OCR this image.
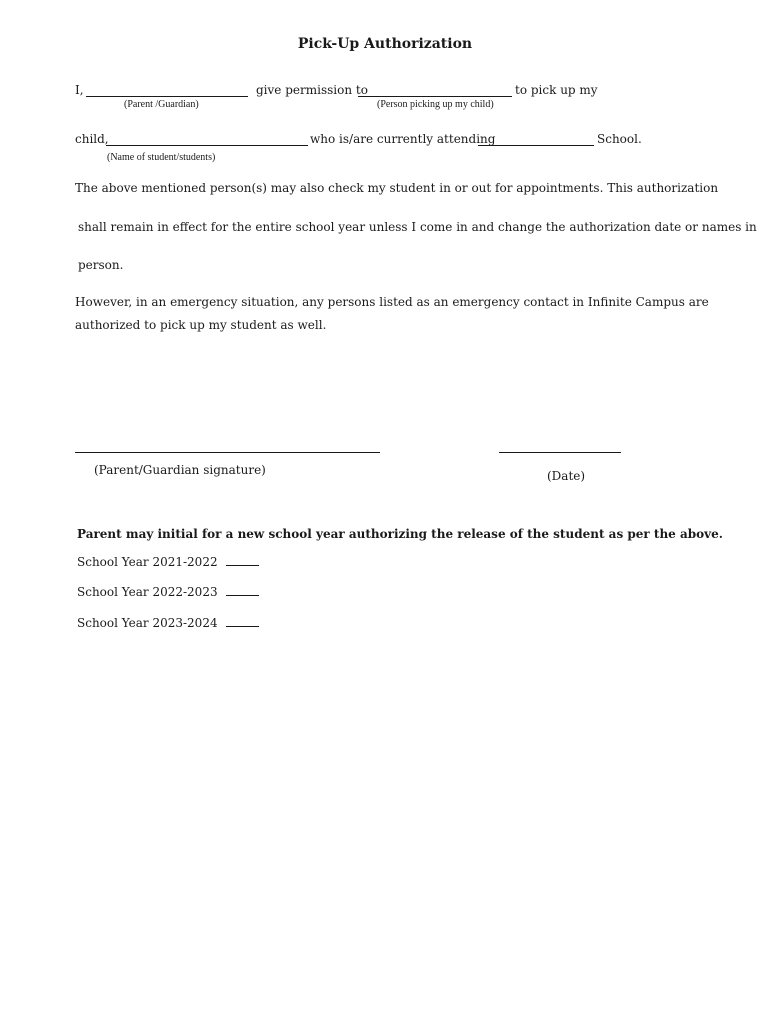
Pick-Up Authorization
I,	give permission to	to pick up my
(Parent /Guardian)	(Person picking up my child)
child,	who is/are currently attending	School.
(Name of student/students)
The above mentioned person(s) may also check my student in or out for appointments. This authorization
shall remain in effect for the entire school year unless I come in and change the authorization date or names in
person.
However, in an emergency situation, any persons listed as an emergency contact in Infinite Campus are
authorized to pick up my student as well.
(Parent/Guardian signature)	(Date)
Parent may initial for a new school year authorizing the release of the student as per the above.
School Year 2021-2022
School Year 2022-2023
School Year 2023-2024
